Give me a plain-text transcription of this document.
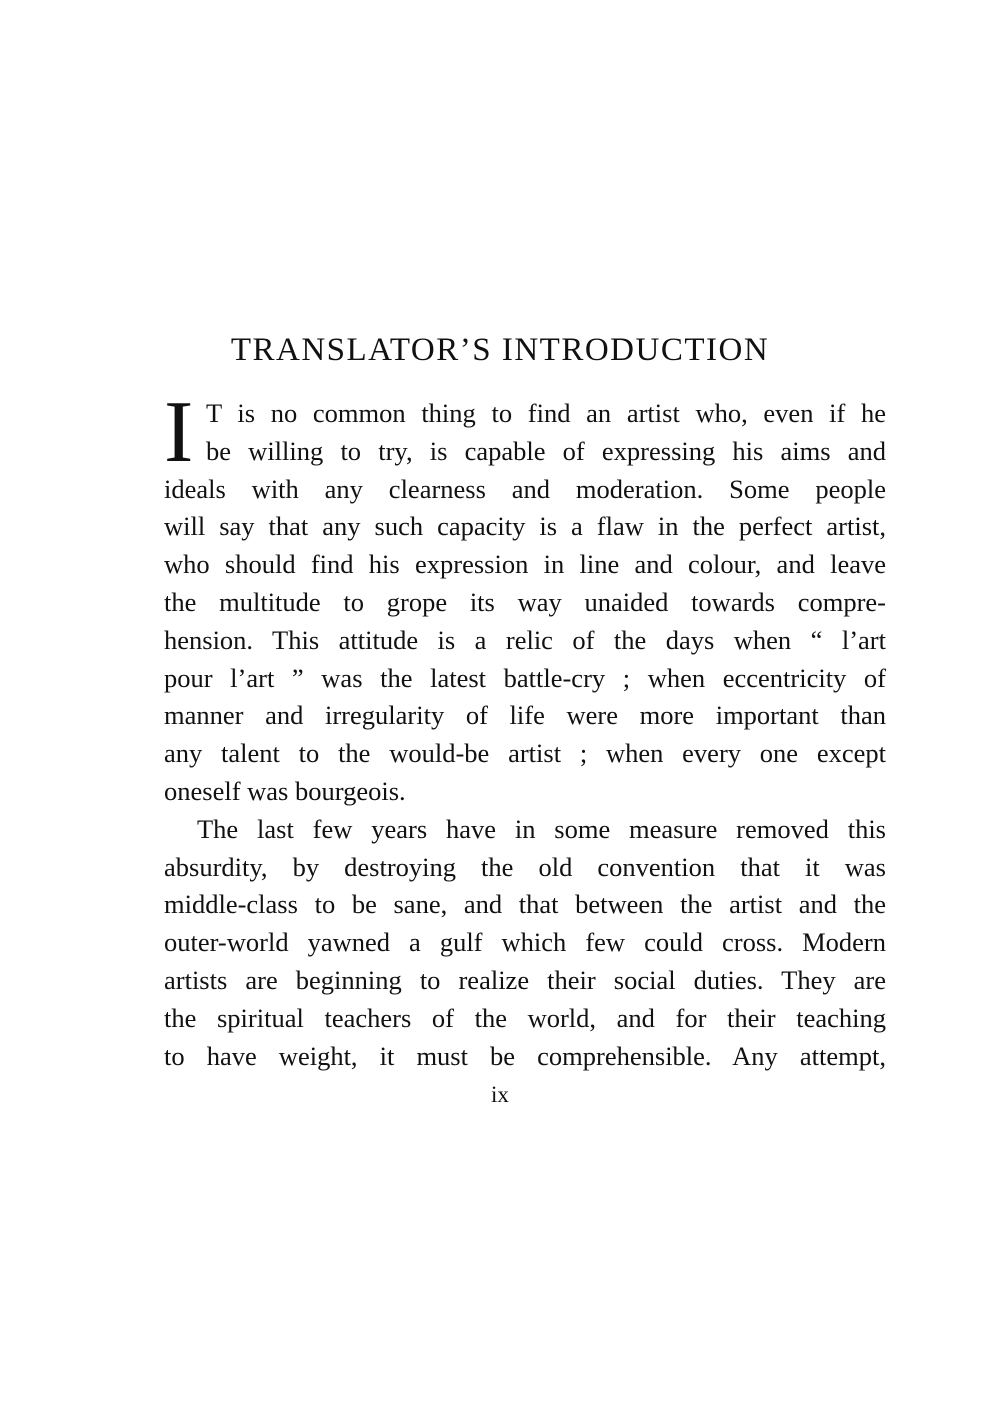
TRANSLATOR’S INTRODUCTION
I T is no common thing to find an artist who, even if he
be willing to try, is capable of expressing his aims and
ideals with any clearness and moderation. Some people
will say that any such capacity is a flaw in the perfect artist,
who should find his expression in line and colour, and leave
the multitude to grope its way unaided towards compre-
hension. This attitude is a relic of the days when “ l’art
pour l’art ” was the latest battle-cry ; when eccentricity of
manner and irregularity of life were more important than
any talent to the would-be artist ; when every one except
oneself was bourgeois.
The last few years have in some measure removed this
absurdity, by destroying the old convention that it was
middle-class to be sane, and that between the artist and the
outer-world yawned a gulf which few could cross. Modern
artists are beginning to realize their social duties. They are
the spiritual teachers of the world, and for their teaching
to have weight, it must be comprehensible. Any attempt,
ix
